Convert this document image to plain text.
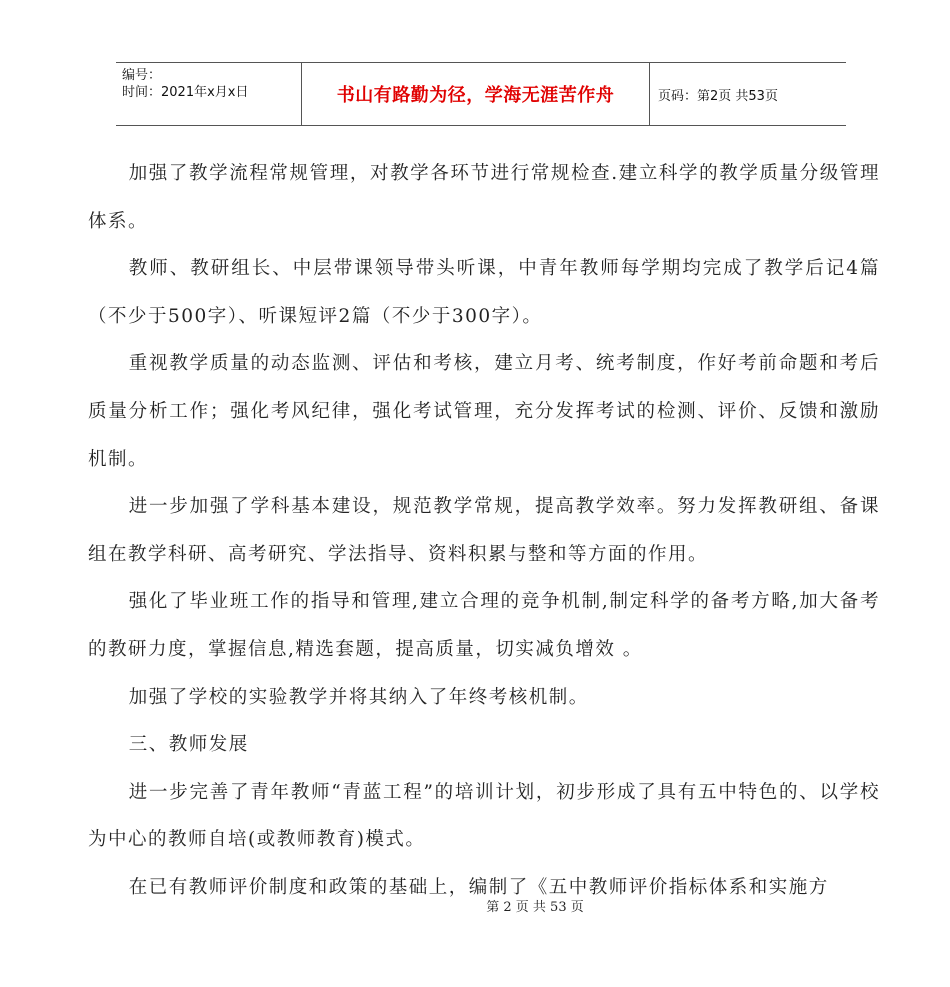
编号：
时间：2021年x月x日	书山有路勤为径，学海无涯苦作舟	页码：第2页 共53页

加强了教学流程常规管理，对教学各环节进行常规检查.建立科学的教学质量分级管理体系。

教师、教研组长、中层带课领导带头听课，中青年教师每学期均完成了教学后记4篇（不少于500字）、听课短评2篇（不少于300字）。

重视教学质量的动态监测、评估和考核，建立月考、统考制度，作好考前命题和考后质量分析工作；强化考风纪律，强化考试管理，充分发挥考试的检测、评价、反馈和激励机制。

进一步加强了学科基本建设，规范教学常规，提高教学效率。努力发挥教研组、备课组在教学科研、高考研究、学法指导、资料积累与整和等方面的作用。

强化了毕业班工作的指导和管理,建立合理的竞争机制,制定科学的备考方略,加大备考的教研力度，掌握信息,精选套题，提高质量，切实减负增效 。

加强了学校的实验教学并将其纳入了年终考核机制。

三、教师发展

进一步完善了青年教师“青蓝工程”的培训计划，初步形成了具有五中特色的、以学校为中心的教师自培(或教师教育)模式。

在已有教师评价制度和政策的基础上，编制了《五中教师评价指标体系和实施方

第 2 页 共 53 页
